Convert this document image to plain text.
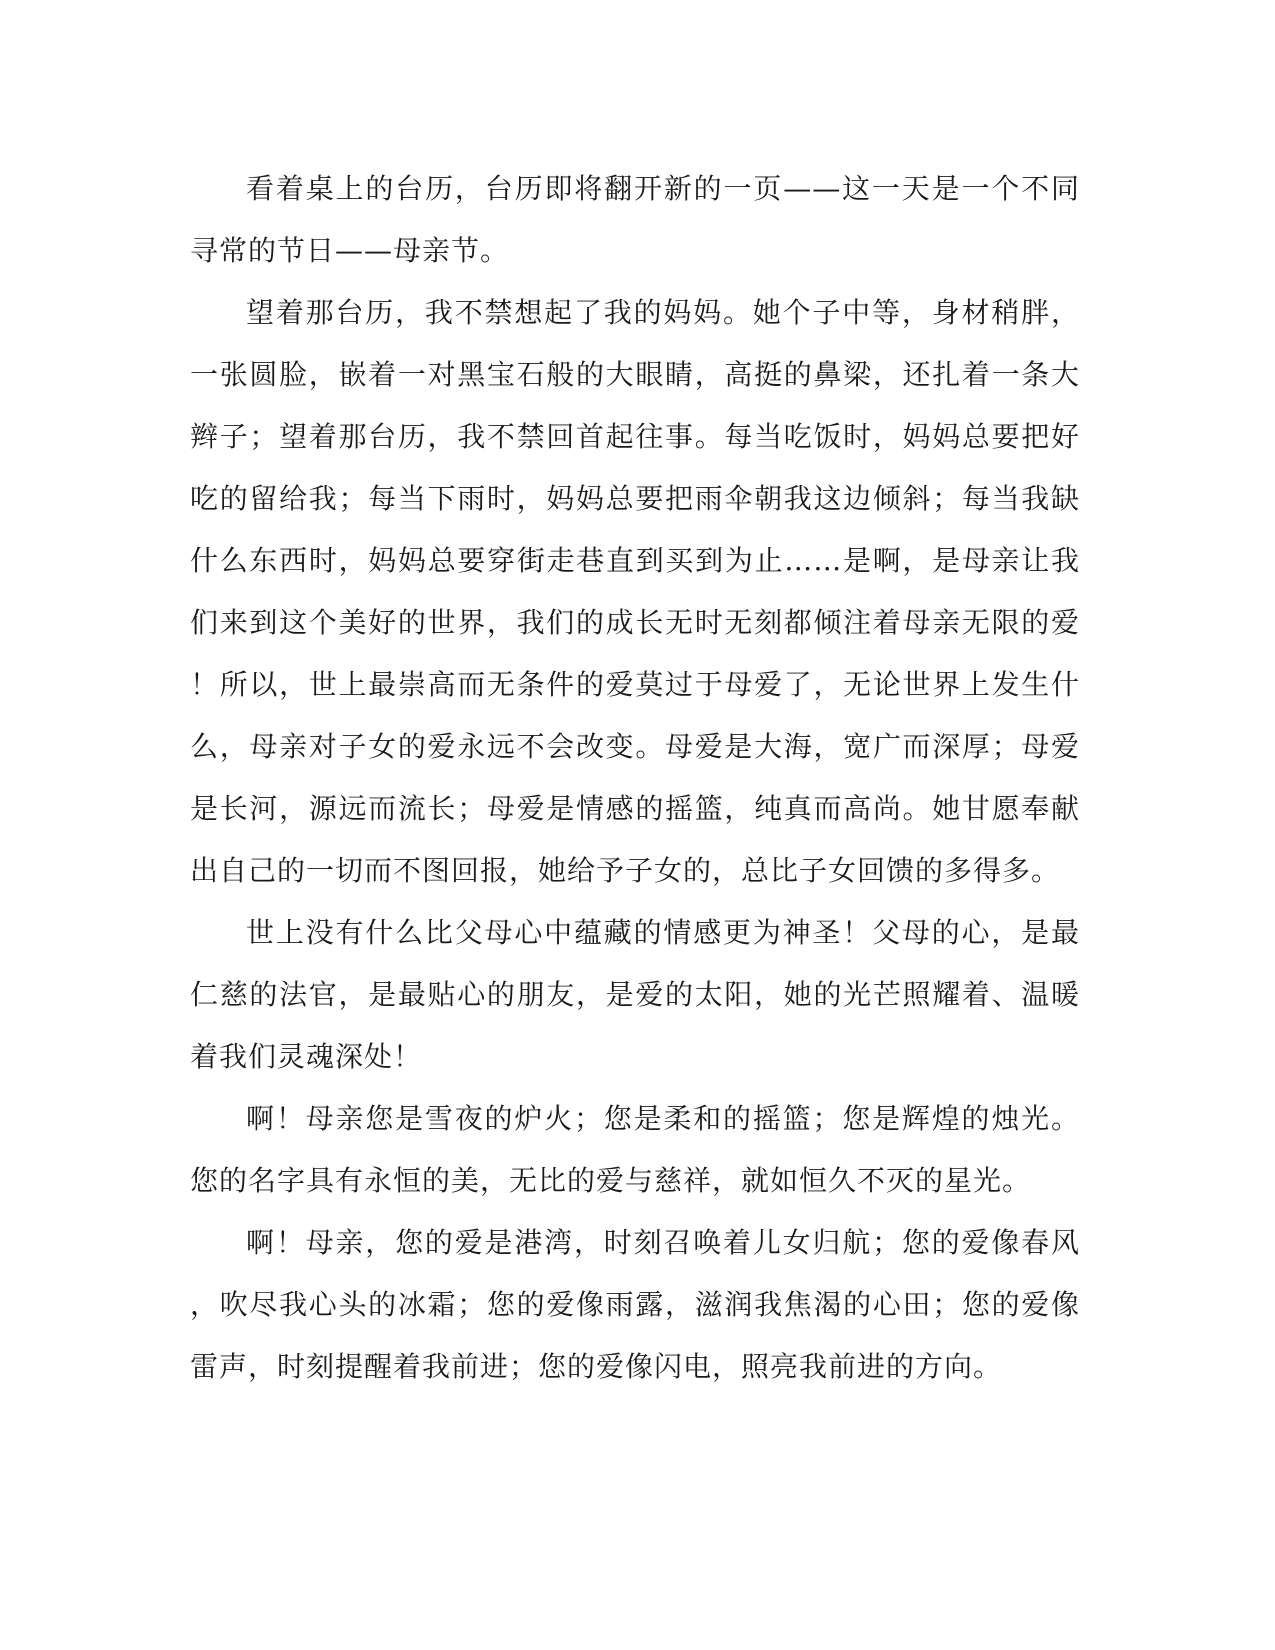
看着桌上的台历，台历即将翻开新的一页——这一天是一个不同寻常的节日——母亲节。

望着那台历，我不禁想起了我的妈妈。她个子中等，身材稍胖，一张圆脸，嵌着一对黑宝石般的大眼睛，高挺的鼻梁，还扎着一条大辫子；望着那台历，我不禁回首起往事。每当吃饭时，妈妈总要把好吃的留给我；每当下雨时，妈妈总要把雨伞朝我这边倾斜；每当我缺什么东西时，妈妈总要穿街走巷直到买到为止……是啊，是母亲让我们来到这个美好的世界，我们的成长无时无刻都倾注着母亲无限的爱！所以，世上最崇高而无条件的爱莫过于母爱了，无论世界上发生什么，母亲对子女的爱永远不会改变。母爱是大海，宽广而深厚；母爱是长河，源远而流长；母爱是情感的摇篮，纯真而高尚。她甘愿奉献出自己的一切而不图回报，她给予子女的，总比子女回馈的多得多。

世上没有什么比父母心中蕴藏的情感更为神圣！父母的心，是最仁慈的法官，是最贴心的朋友，是爱的太阳，她的光芒照耀着、温暖着我们灵魂深处！

啊！母亲您是雪夜的炉火；您是柔和的摇篮；您是辉煌的烛光。您的名字具有永恒的美，无比的爱与慈祥，就如恒久不灭的星光。

啊！母亲，您的爱是港湾，时刻召唤着儿女归航；您的爱像春风，吹尽我心头的冰霜；您的爱像雨露，滋润我焦渴的心田；您的爱像雷声，时刻提醒着我前进；您的爱像闪电，照亮我前进的方向。
